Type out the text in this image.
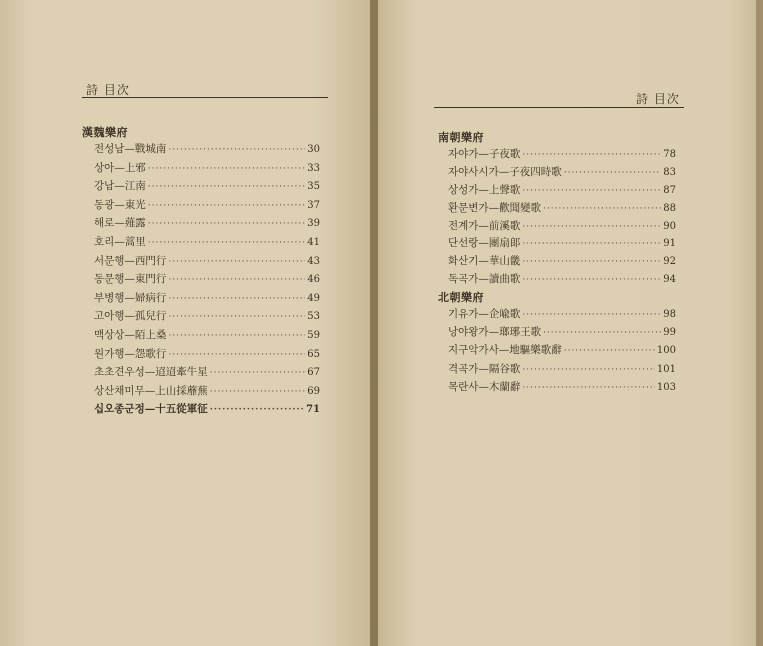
詩 目次
漢魏樂府
전성남—戰城南 ·····	30
상아—上邪 ·····	33
강남—江南 ·····	35
동광—東光 ·····	37
해로—薤露 ·····	39
호리—蒿里 ·····	41
서문행—西門行 ·····	43
동문행—東門行 ·····	46
부병행—婦病行 ·····	49
고아행—孤兒行 ·····	53
맥상상—陌上桑 ·····	59
원가행—怨歌行 ·····	65
초초견우성—迢迢牽牛星 ·····	67
상산채미무—上山採蘼蕪 ·····	69
십오종군정—十五從軍征 ·····	71
詩 目次
南朝樂府
자야가—子夜歌 ·····	78
자야사시가—子夜四時歌 ·····	83
상성가—上聲歌 ·····	87
환문변가—歡聞變歌 ·····	88
전계가—前溪歌 ·····	90
단선랑—團扇郞 ·····	91
화산기—華山畿 ·····	92
독곡가—讀曲歌 ·····	94
北朝樂府
기유가—企喩歌 ·····	98
낭야왕가—瑯琊王歌 ·····	99
지구악가사—地驅樂歌辭 ·····	100
격곡가—隔谷歌 ·····	101
목란사—木蘭辭 ·····	103
